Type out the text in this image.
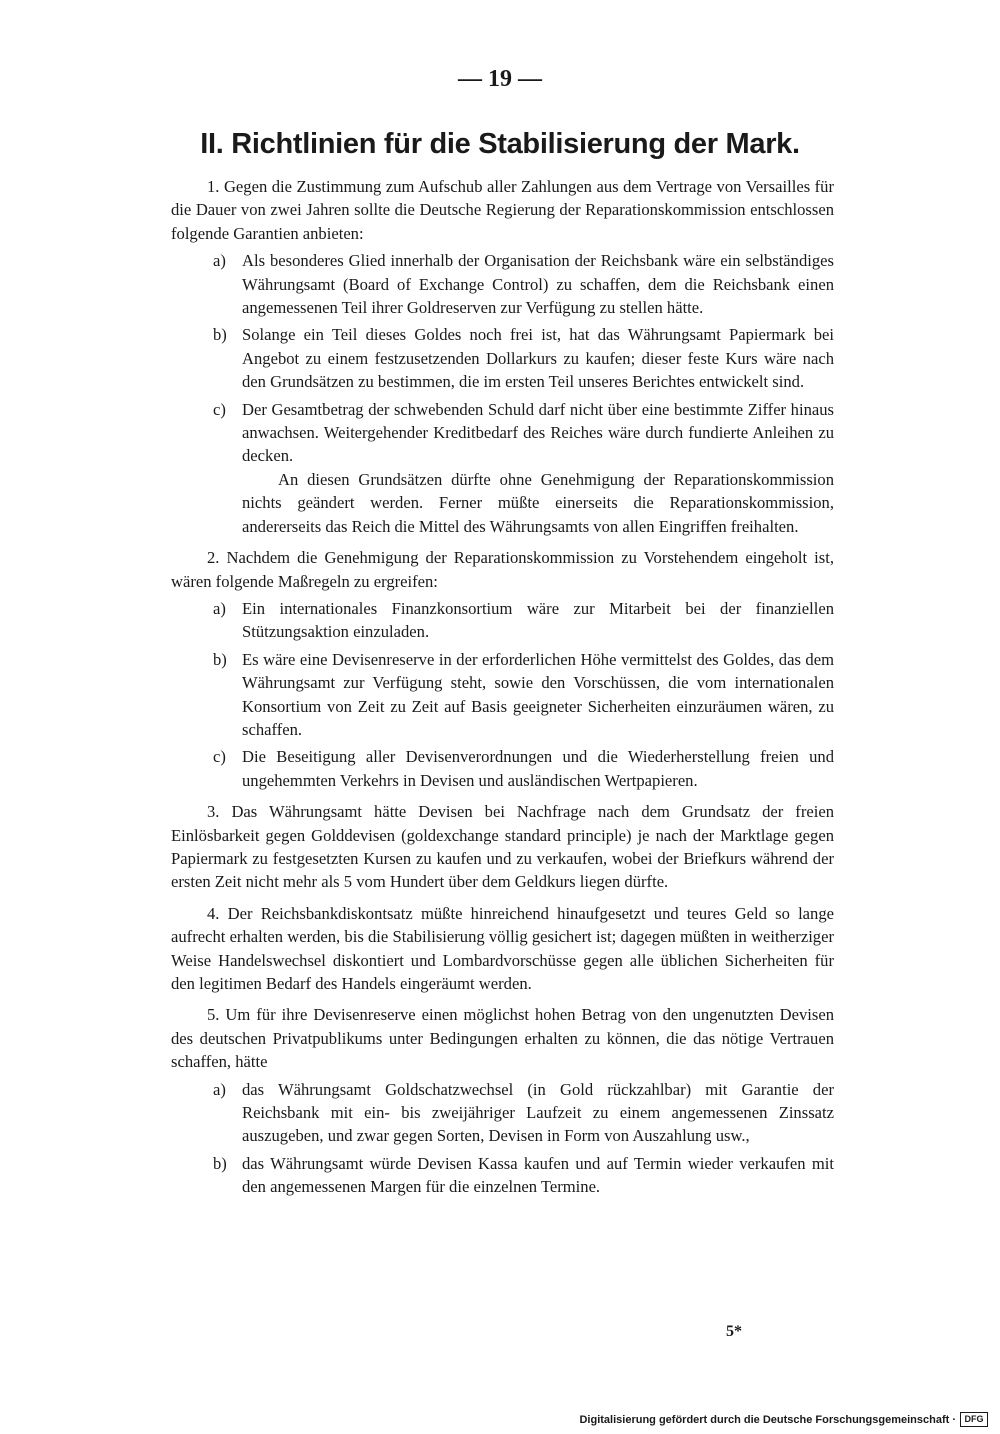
— 19 —
II. Richtlinien für die Stabilisierung der Mark.

1. Gegen die Zustimmung zum Aufschub aller Zahlungen aus dem Vertrage von Versailles für die Dauer von zwei Jahren sollte die Deutsche Regierung der Reparationskommission entschlossen folgende Garantien anbieten:

a) Als besonderes Glied innerhalb der Organisation der Reichsbank wäre ein selbständiges Währungsamt (Board of Exchange Control) zu schaffen, dem die Reichsbank einen angemessenen Teil ihrer Goldreserven zur Verfügung zu stellen hätte.

b) Solange ein Teil dieses Goldes noch frei ist, hat das Währungsamt Papiermark bei Angebot zu einem festzusetzenden Dollarkurs zu kaufen; dieser feste Kurs wäre nach den Grundsätzen zu bestimmen, die im ersten Teil unseres Berichtes entwickelt sind.

c) Der Gesamtbetrag der schwebenden Schuld darf nicht über eine bestimmte Ziffer hinaus anwachsen. Weitergehender Kreditbedarf des Reiches wäre durch fundierte Anleihen zu decken.

An diesen Grundsätzen dürfte ohne Genehmigung der Reparationskommission nichts geändert werden. Ferner müßte einerseits die Reparationskommission, andererseits das Reich die Mittel des Währungsamts von allen Eingriffen freihalten.

2. Nachdem die Genehmigung der Reparationskommission zu Vorstehendem eingeholt ist, wären folgende Maßregeln zu ergreifen:

a) Ein internationales Finanzkonsortium wäre zur Mitarbeit bei der finanziellen Stützungsaktion einzuladen.

b) Es wäre eine Devisenreserve in der erforderlichen Höhe vermittelst des Goldes, das dem Währungsamt zur Verfügung steht, sowie den Vorschüssen, die vom internationalen Konsortium von Zeit zu Zeit auf Basis geeigneter Sicherheiten einzuräumen wären, zu schaffen.

c) Die Beseitigung aller Devisenverordnungen und die Wiederherstellung freien und ungehemmten Verkehrs in Devisen und ausländischen Wertpapieren.

3. Das Währungsamt hätte Devisen bei Nachfrage nach dem Grundsatz der freien Einlösbarkeit gegen Golddevisen (goldexchange standard principle) je nach der Marktlage gegen Papiermark zu festgesetzten Kursen zu kaufen und zu verkaufen, wobei der Briefkurs während der ersten Zeit nicht mehr als 5 vom Hundert über dem Geldkurs liegen dürfte.

4. Der Reichsbankdiskontsatz müßte hinreichend hinaufgesetzt und teures Geld so lange aufrecht erhalten werden, bis die Stabilisierung völlig gesichert ist; dagegen müßten in weitherziger Weise Handelswechsel diskontiert und Lombardvorschüsse gegen alle üblichen Sicherheiten für den legitimen Bedarf des Handels eingeräumt werden.

5. Um für ihre Devisenreserve einen möglichst hohen Betrag von den ungenutzten Devisen des deutschen Privatpublikums unter Bedingungen erhalten zu können, die das nötige Vertrauen schaffen, hätte

a) das Währungsamt Goldschatzwechsel (in Gold rückzahlbar) mit Garantie der Reichsbank mit ein- bis zweijähriger Laufzeit zu einem angemessenen Zinssatz auszugeben, und zwar gegen Sorten, Devisen in Form von Auszahlung usw.,

b) das Währungsamt würde Devisen Kassa kaufen und auf Termin wieder verkaufen mit den angemessenen Margen für die einzelnen Termine.

5*
Digitalisierung gefördert durch die Deutsche Forschungsgemeinschaft · DFG
